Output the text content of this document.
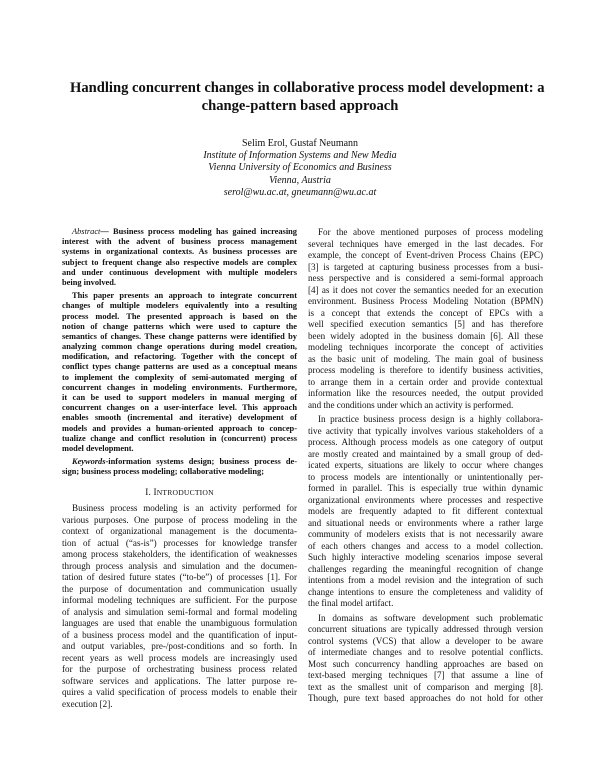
Handling concurrent changes in collaborative process model development: a
change-pattern based approach
Selim Erol, Gustaf Neumann
Institute of Information Systems and New Media
Vienna University of Economics and Business
Vienna, Austria
serol@wu.ac.at, gneumann@wu.ac.at
Abstract— Business process modeling has gained increasing
interest with the advent of business process management
systems in organizational contexts. As business processes are
subject to frequent change also respective models are complex
and under continuous development with multiple modelers
being involved.
This paper presents an approach to integrate concurrent
changes of multiple modelers equivalently into a resulting
process model. The presented approach is based on the
notion of change patterns which were used to capture the
semantics of changes. These change patterns were identified by
analyzing common change operations during model creation,
modification, and refactoring. Together with the concept of
conflict types change patterns are used as a conceptual means
to implement the complexity of semi-automated merging of
concurrent changes in modeling environments. Furthermore,
it can be used to support modelers in manual merging of
concurrent changes on a user-interface level. This approach
enables smooth (incremental and iterative) development of
models and provides a human-oriented approach to concep-
tualize change and conflict resolution in (concurrent) process
model development.
Keywords-information systems design; business process de-
sign; business process modeling; collaborative modeling;
I. INTRODUCTION
Business process modeling is an activity performed for
various purposes. One purpose of process modeling in the
context of organizational management is the documenta-
tion of actual (“as-is”) processes for knowledge transfer
among process stakeholders, the identification of weaknesses
through process analysis and simulation and the documen-
tation of desired future states (“to-be”) of processes [1]. For
the purpose of documentation and communication usually
informal modeling techniques are sufficient. For the purpose
of analysis and simulation semi-formal and formal modeling
languages are used that enable the unambiguous formulation
of a business process model and the quantification of input-
and output variables, pre-/post-conditions and so forth. In
recent years as well process models are increasingly used
for the purpose of orchestrating business process related
software services and applications. The latter purpose re-
quires a valid specification of process models to enable their
execution [2].
For the above mentioned purposes of process modeling
several techniques have emerged in the last decades. For
example, the concept of Event-driven Process Chains (EPC)
[3] is targeted at capturing business processes from a busi-
ness perspective and is considered a semi-formal approach
[4] as it does not cover the semantics needed for an execution
environment. Business Process Modeling Notation (BPMN)
is a concept that extends the concept of EPCs with a
well specified execution semantics [5] and has therefore
been widely adopted in the business domain [6]. All these
modeling techniques incorporate the concept of activities
as the basic unit of modeling. The main goal of business
process modeling is therefore to identify business activities,
to arrange them in a certain order and provide contextual
information like the resources needed, the output provided
and the conditions under which an activity is performed.
In practice business process design is a highly collabora-
tive activity that typically involves various stakeholders of a
process. Although process models as one category of output
are mostly created and maintained by a small group of ded-
icated experts, situations are likely to occur where changes
to process models are intentionally or unintentionally per-
formed in parallel. This is especially true within dynamic
organizational environments where processes and respective
models are frequently adapted to fit different contextual
and situational needs or environments where a rather large
community of modelers exists that is not necessarily aware
of each others changes and access to a model collection.
Such highly interactive modeling scenarios impose several
challenges regarding the meaningful recognition of change
intentions from a model revision and the integration of such
change intentions to ensure the completeness and validity of
the final model artifact.
In domains as software development such problematic
concurrent situations are typically addressed through version
control systems (VCS) that allow a developer to be aware
of intermediate changes and to resolve potential conflicts.
Most such concurrency handling approaches are based on
text-based merging techniques [7] that assume a line of
text as the smallest unit of comparison and merging [8].
Though, pure text based approaches do not hold for other
